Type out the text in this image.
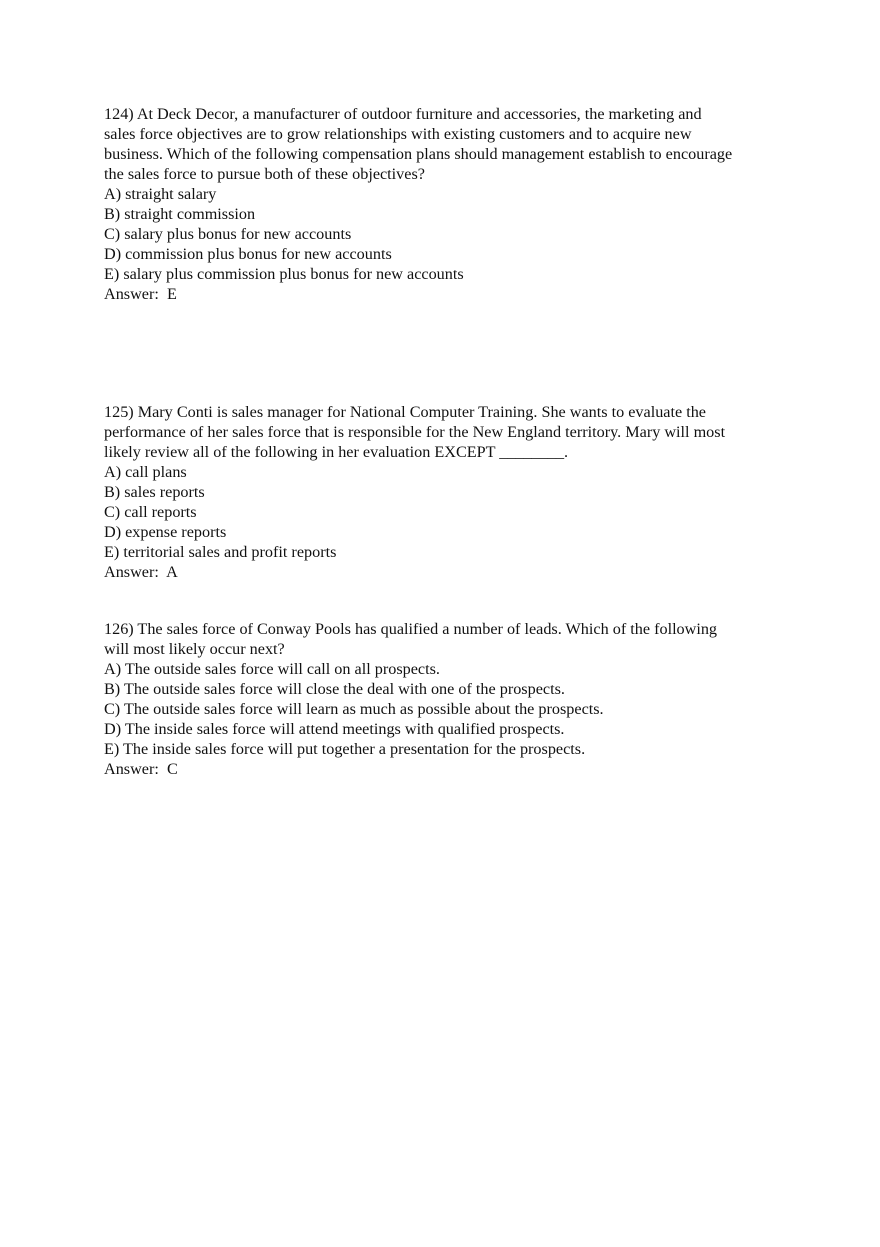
124) At Deck Decor, a manufacturer of outdoor furniture and accessories, the marketing and
sales force objectives are to grow relationships with existing customers and to acquire new
business. Which of the following compensation plans should management establish to encourage
the sales force to pursue both of these objectives?

A) straight salary
B) straight commission
C) salary plus bonus for new accounts
D) commission plus bonus for new accounts
E) salary plus commission plus bonus for new accounts

Answer: E

125) Mary Conti is sales manager for National Computer Training. She wants to evaluate the
performance of her sales force that is responsible for the New England territory. Mary will most
likely review all of the following in her evaluation EXCEPT ________.

A) call plans
B) sales reports
C) call reports
D) expense reports
E) territorial sales and profit reports

Answer: A

126) The sales force of Conway Pools has qualified a number of leads. Which of the following
will most likely occur next?

A) The outside sales force will call on all prospects.
B) The outside sales force will close the deal with one of the prospects.
C) The outside sales force will learn as much as possible about the prospects.
D) The inside sales force will attend meetings with qualified prospects.
E) The inside sales force will put together a presentation for the prospects.

Answer: C
